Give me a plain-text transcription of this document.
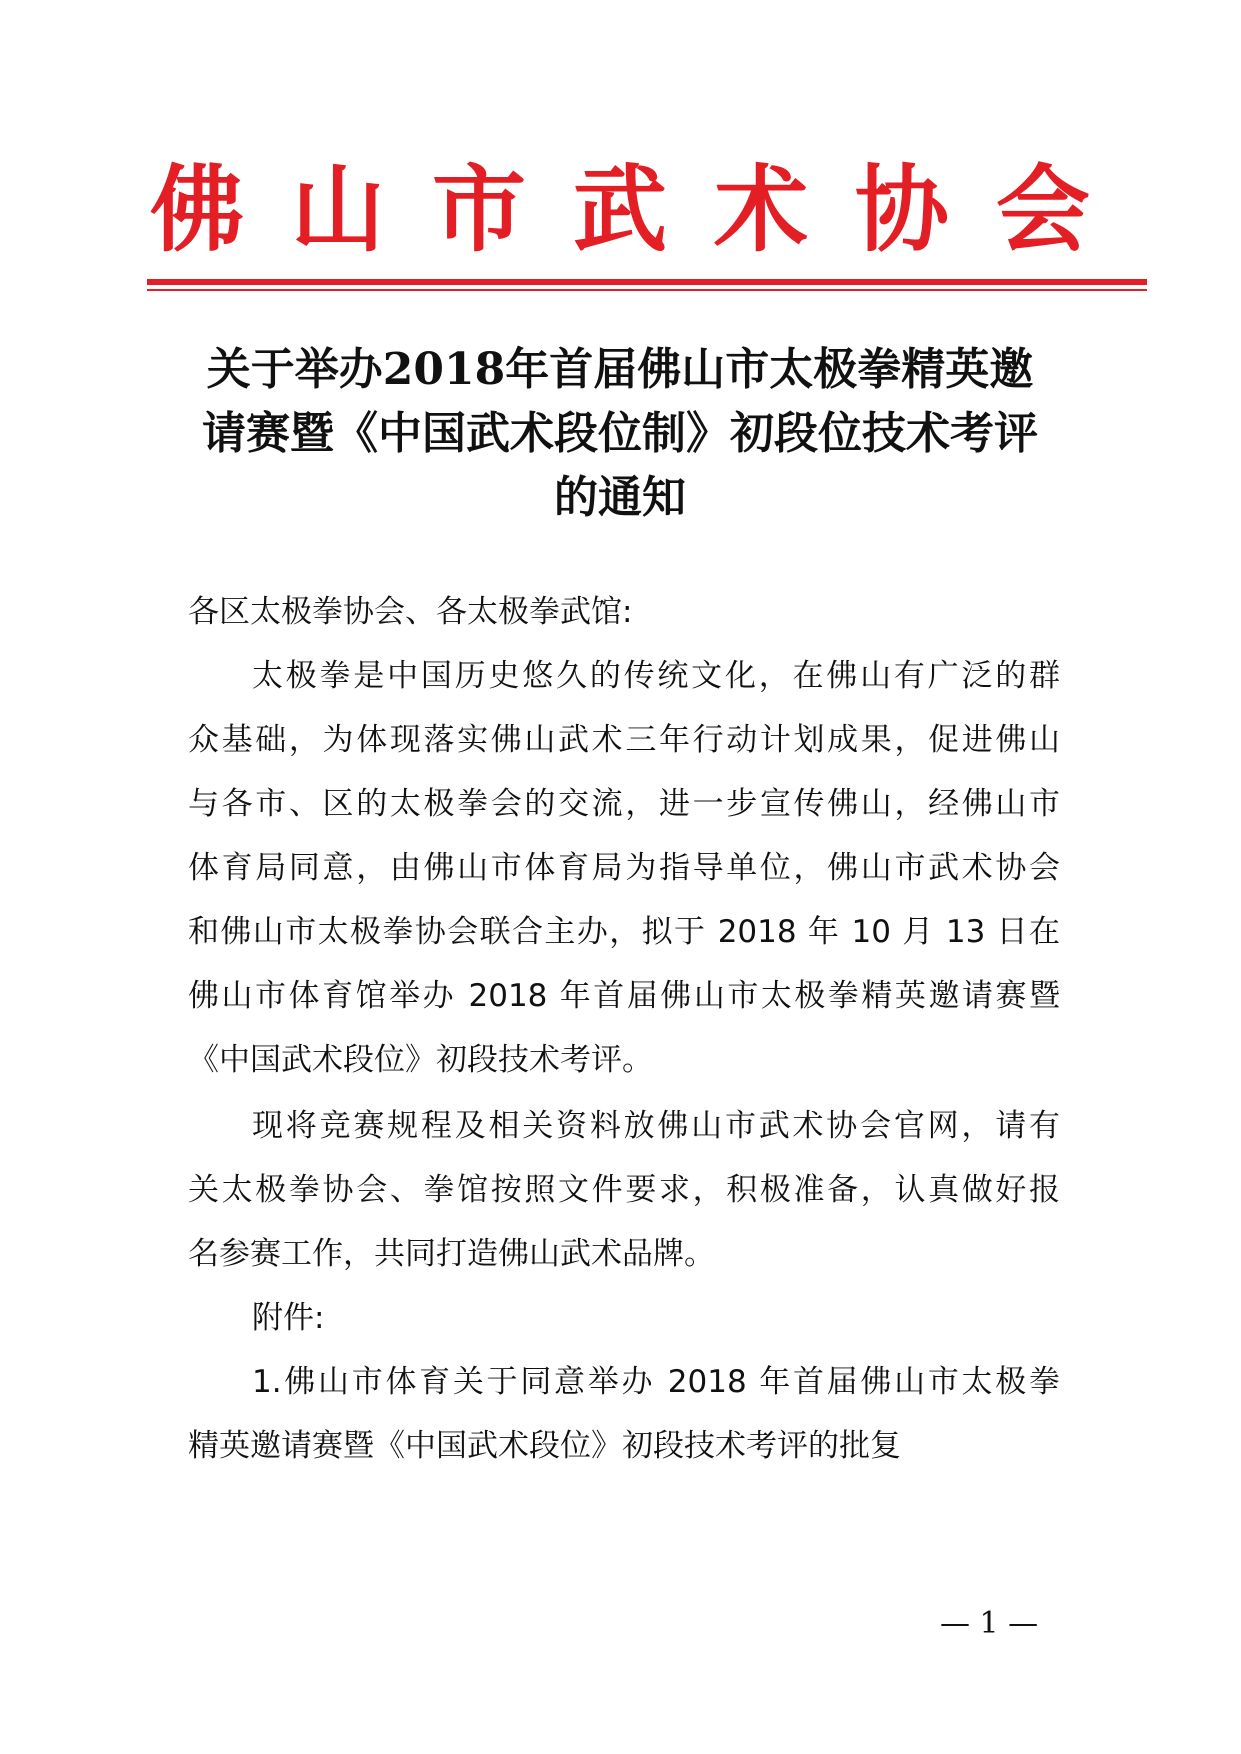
佛 山 市 武 术 协 会
关于举办2018年首届佛山市太极拳精英邀
请赛暨《中国武术段位制》初段位技术考评
的通知
各区太极拳协会、各太极拳武馆:
太极拳是中国历史悠久的传统文化，在佛山有广泛的群
众基础，为体现落实佛山武术三年行动计划成果，促进佛山
与各市、区的太极拳会的交流，进一步宣传佛山，经佛山市
体育局同意，由佛山市体育局为指导单位，佛山市武术协会
和佛山市太极拳协会联合主办，拟于 2018 年 10 月 13 日在
佛山市体育馆举办 2018 年首届佛山市太极拳精英邀请赛暨
《中国武术段位》初段技术考评。
现将竞赛规程及相关资料放佛山市武术协会官网，请有
关太极拳协会、拳馆按照文件要求，积极准备，认真做好报
名参赛工作，共同打造佛山武术品牌。
附件:
1.佛山市体育关于同意举办 2018 年首届佛山市太极拳
精英邀请赛暨《中国武术段位》初段技术考评的批复
— 1 —
